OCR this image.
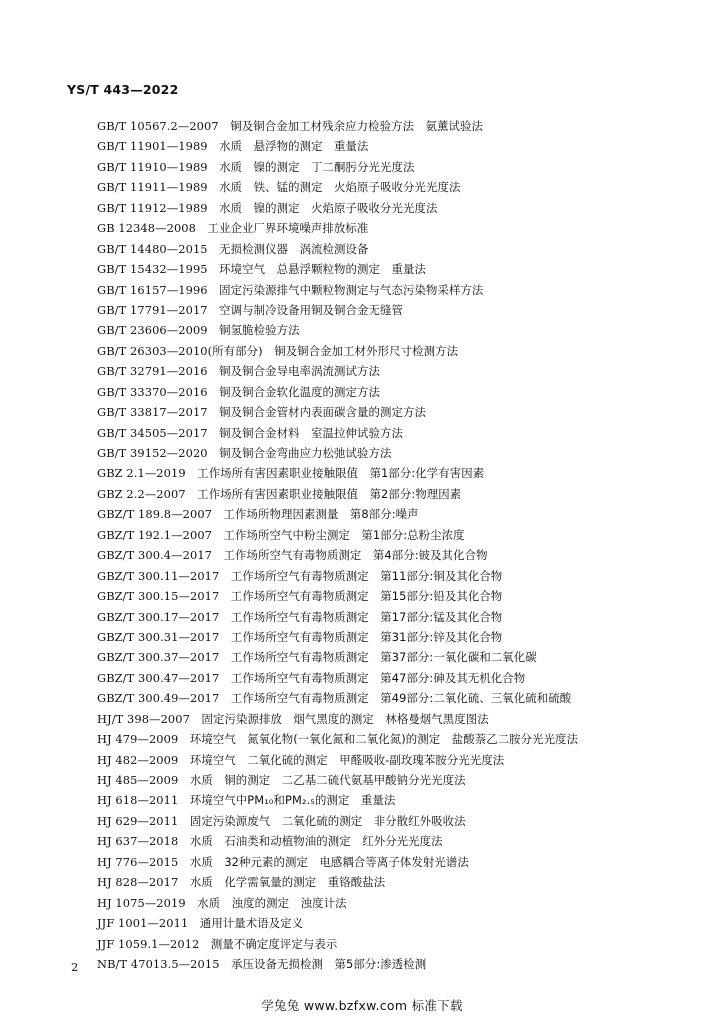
YS/T 443—2022
GB/T 10567.2—2007　 铜及铜合金加工材残余应力检验方法　氨薰试验法
GB/T 11901—1989　 水质　悬浮物的测定　重量法
GB/T 11910—1989　 水质　镍的测定　丁二酮肟分光光度法
GB/T 11911—1989　 水质　铁、锰的测定　火焰原子吸收分光光度法
GB/T 11912—1989　 水质　镍的测定　火焰原子吸收分光光度法
GB 12348—2008　 工业企业厂界环境噪声排放标准
GB/T 14480—2015　 无损检测仪器　涡流检测设备
GB/T 15432—1995　 环境空气　总悬浮颗粒物的测定　重量法
GB/T 16157—1996　 固定污染源排气中颗粒物测定与气态污染物采样方法
GB/T 17791—2017　 空调与制冷设备用铜及铜合金无缝管
GB/T 23606—2009　 铜氢脆检验方法
GB/T 26303—2010(所有部分)　 铜及铜合金加工材外形尺寸检测方法
GB/T 32791—2016　 铜及铜合金导电率涡流测试方法
GB/T 33370—2016　 铜及铜合金软化温度的测定方法
GB/T 33817—2017　 铜及铜合金管材内表面碳含量的测定方法
GB/T 34505—2017　 铜及铜合金材料　室温拉伸试验方法
GB/T 39152—2020　 铜及铜合金弯曲应力松弛试验方法
GBZ 2.1—2019　 工作场所有害因素职业接触限值　第1部分:化学有害因素
GBZ 2.2—2007　 工作场所有害因素职业接触限值　第2部分:物理因素
GBZ/T 189.8—2007　 工作场所物理因素测量　第8部分:噪声
GBZ/T 192.1—2007　 工作场所空气中粉尘测定　第1部分:总粉尘浓度
GBZ/T 300.4—2017　 工作场所空气有毒物质测定　第4部分:铍及其化合物
GBZ/T 300.11—2017　 工作场所空气有毒物质测定　第11部分:铜及其化合物
GBZ/T 300.15—2017　 工作场所空气有毒物质测定　第15部分:铅及其化合物
GBZ/T 300.17—2017　 工作场所空气有毒物质测定　第17部分:锰及其化合物
GBZ/T 300.31—2017　 工作场所空气有毒物质测定　第31部分:锌及其化合物
GBZ/T 300.37—2017　 工作场所空气有毒物质测定　第37部分:一氧化碳和二氧化碳
GBZ/T 300.47—2017　 工作场所空气有毒物质测定　第47部分:砷及其无机化合物
GBZ/T 300.49—2017　 工作场所空气有毒物质测定　第49部分:二氧化硫、三氧化硫和硫酸
HJ/T 398—2007　 固定污染源排放　烟气黑度的测定　林格曼烟气黑度图法
HJ 479—2009　 环境空气　氮氧化物(一氧化氮和二氧化氮)的测定　盐酸萘乙二胺分光光度法
HJ 482—2009　 环境空气　二氧化硫的测定　甲醛吸收-副玫瑰苯胺分光光度法
HJ 485—2009　 水质　铜的测定　二乙基二硫代氨基甲酸钠分光光度法
HJ 618—2011　 环境空气中PM₁₀和PM₂.₅的测定　重量法
HJ 629—2011　 固定污染源废气　二氧化硫的测定　非分散红外吸收法
HJ 637—2018　 水质　石油类和动植物油的测定　红外分光光度法
HJ 776—2015　 水质　32种元素的测定　电感耦合等离子体发射光谱法
HJ 828—2017　 水质　化学需氧量的测定　重铬酸盐法
HJ 1075—2019　 水质　浊度的测定　浊度计法
JJF 1001—2011　 通用计量术语及定义
JJF 1059.1—2012　 测量不确定度评定与表示
NB/T 47013.5—2015　 承压设备无损检测　第5部分:渗透检测
2
学兔兔 www.bzfxw.com 标准下载
